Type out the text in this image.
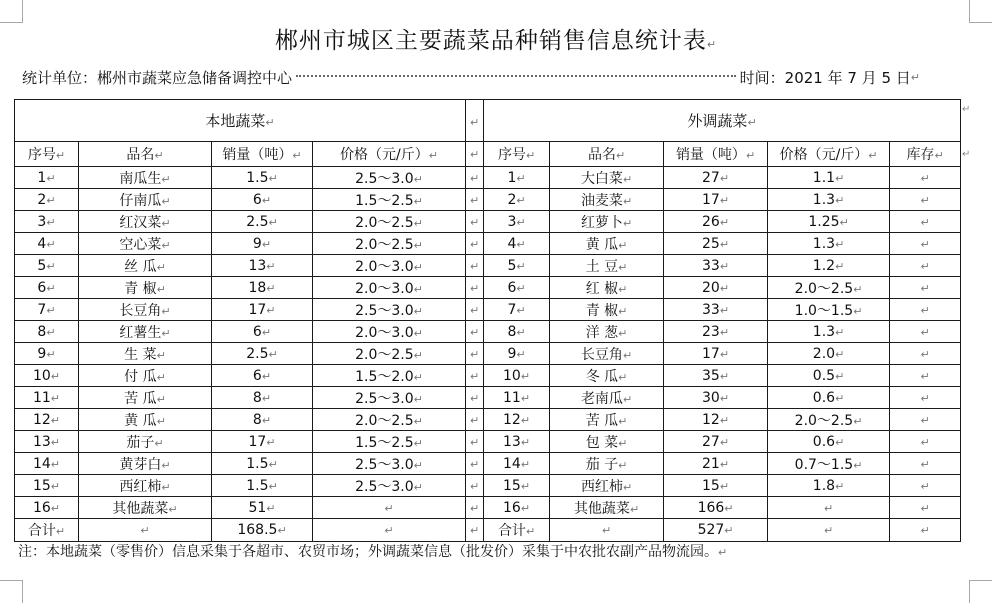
郴州市城区主要蔬菜品种销售信息统计表↵
统计单位：郴州市蔬菜应急储备调控中心	时间：2021 年 7 月 5 日 ↵
本地蔬菜↵				↵	外调蔬菜↵				
序号↵	品名↵	销量（吨）↵	价格（元/斤）↵	↵	序号↵	品名↵	销量（吨）↵	价格（元/斤）↵	库存↵
1↵	南瓜生↵	1.5↵	2.5～3.0↵	↵	1↵	大白菜↵	27↵	1.1↵	↵
2↵	仔南瓜↵	6↵	1.5～2.5↵	↵	2↵	油麦菜↵	17↵	1.3↵	↵
3↵	红汉菜↵	2.5↵	2.0～2.5↵	↵	3↵	红萝卜↵	26↵	1.25↵	↵
4↵	空心菜↵	9↵	2.0～2.5↵	↵	4↵	黄 瓜↵	25↵	1.3↵	↵
5↵	丝 瓜↵	13↵	2.0～3.0↵	↵	5↵	土 豆↵	33↵	1.2↵	↵
6↵	青 椒↵	18↵	2.0～3.0↵	↵	6↵	红 椒↵	20↵	2.0～2.5↵	↵
7↵	长豆角↵	17↵	2.5～3.0↵	↵	7↵	青 椒↵	33↵	1.0～1.5↵	↵
8↵	红薯生↵	6↵	2.0～3.0↵	↵	8↵	洋 葱↵	23↵	1.3↵	↵
9↵	生 菜↵	2.5↵	2.0～2.5↵	↵	9↵	长豆角↵	17↵	2.0↵	↵
10↵	付 瓜↵	6↵	1.5～2.0↵	↵	10↵	冬 瓜↵	35↵	0.5↵	↵
11↵	苦 瓜↵	8↵	2.5～3.0↵	↵	11↵	老南瓜↵	30↵	0.6↵	↵
12↵	黄 瓜↵	8↵	2.0～2.5↵	↵	12↵	苦 瓜↵	12↵	2.0～2.5↵	↵
13↵	茄子↵	17↵	1.5～2.5↵	↵	13↵	包 菜↵	27↵	0.6↵	↵
14↵	黄芽白↵	1.5↵	2.5～3.0↵	↵	14↵	茄 子↵	21↵	0.7～1.5↵	↵
15↵	西红柿↵	1.5↵	2.5～3.0↵	↵	15↵	西红柿↵	15↵	1.8↵	↵
16↵	其他蔬菜↵	51↵	↵	↵	16↵	其他蔬菜↵	166↵	↵	↵
合计↵	↵	168.5↵	↵	↵	合计↵	↵	527↵	↵	↵
注：本地蔬菜（零售价）信息采集于各超市、农贸市场；外调蔬菜信息（批发价）采集于中农批农副产品物流园。↵
↵
↵
